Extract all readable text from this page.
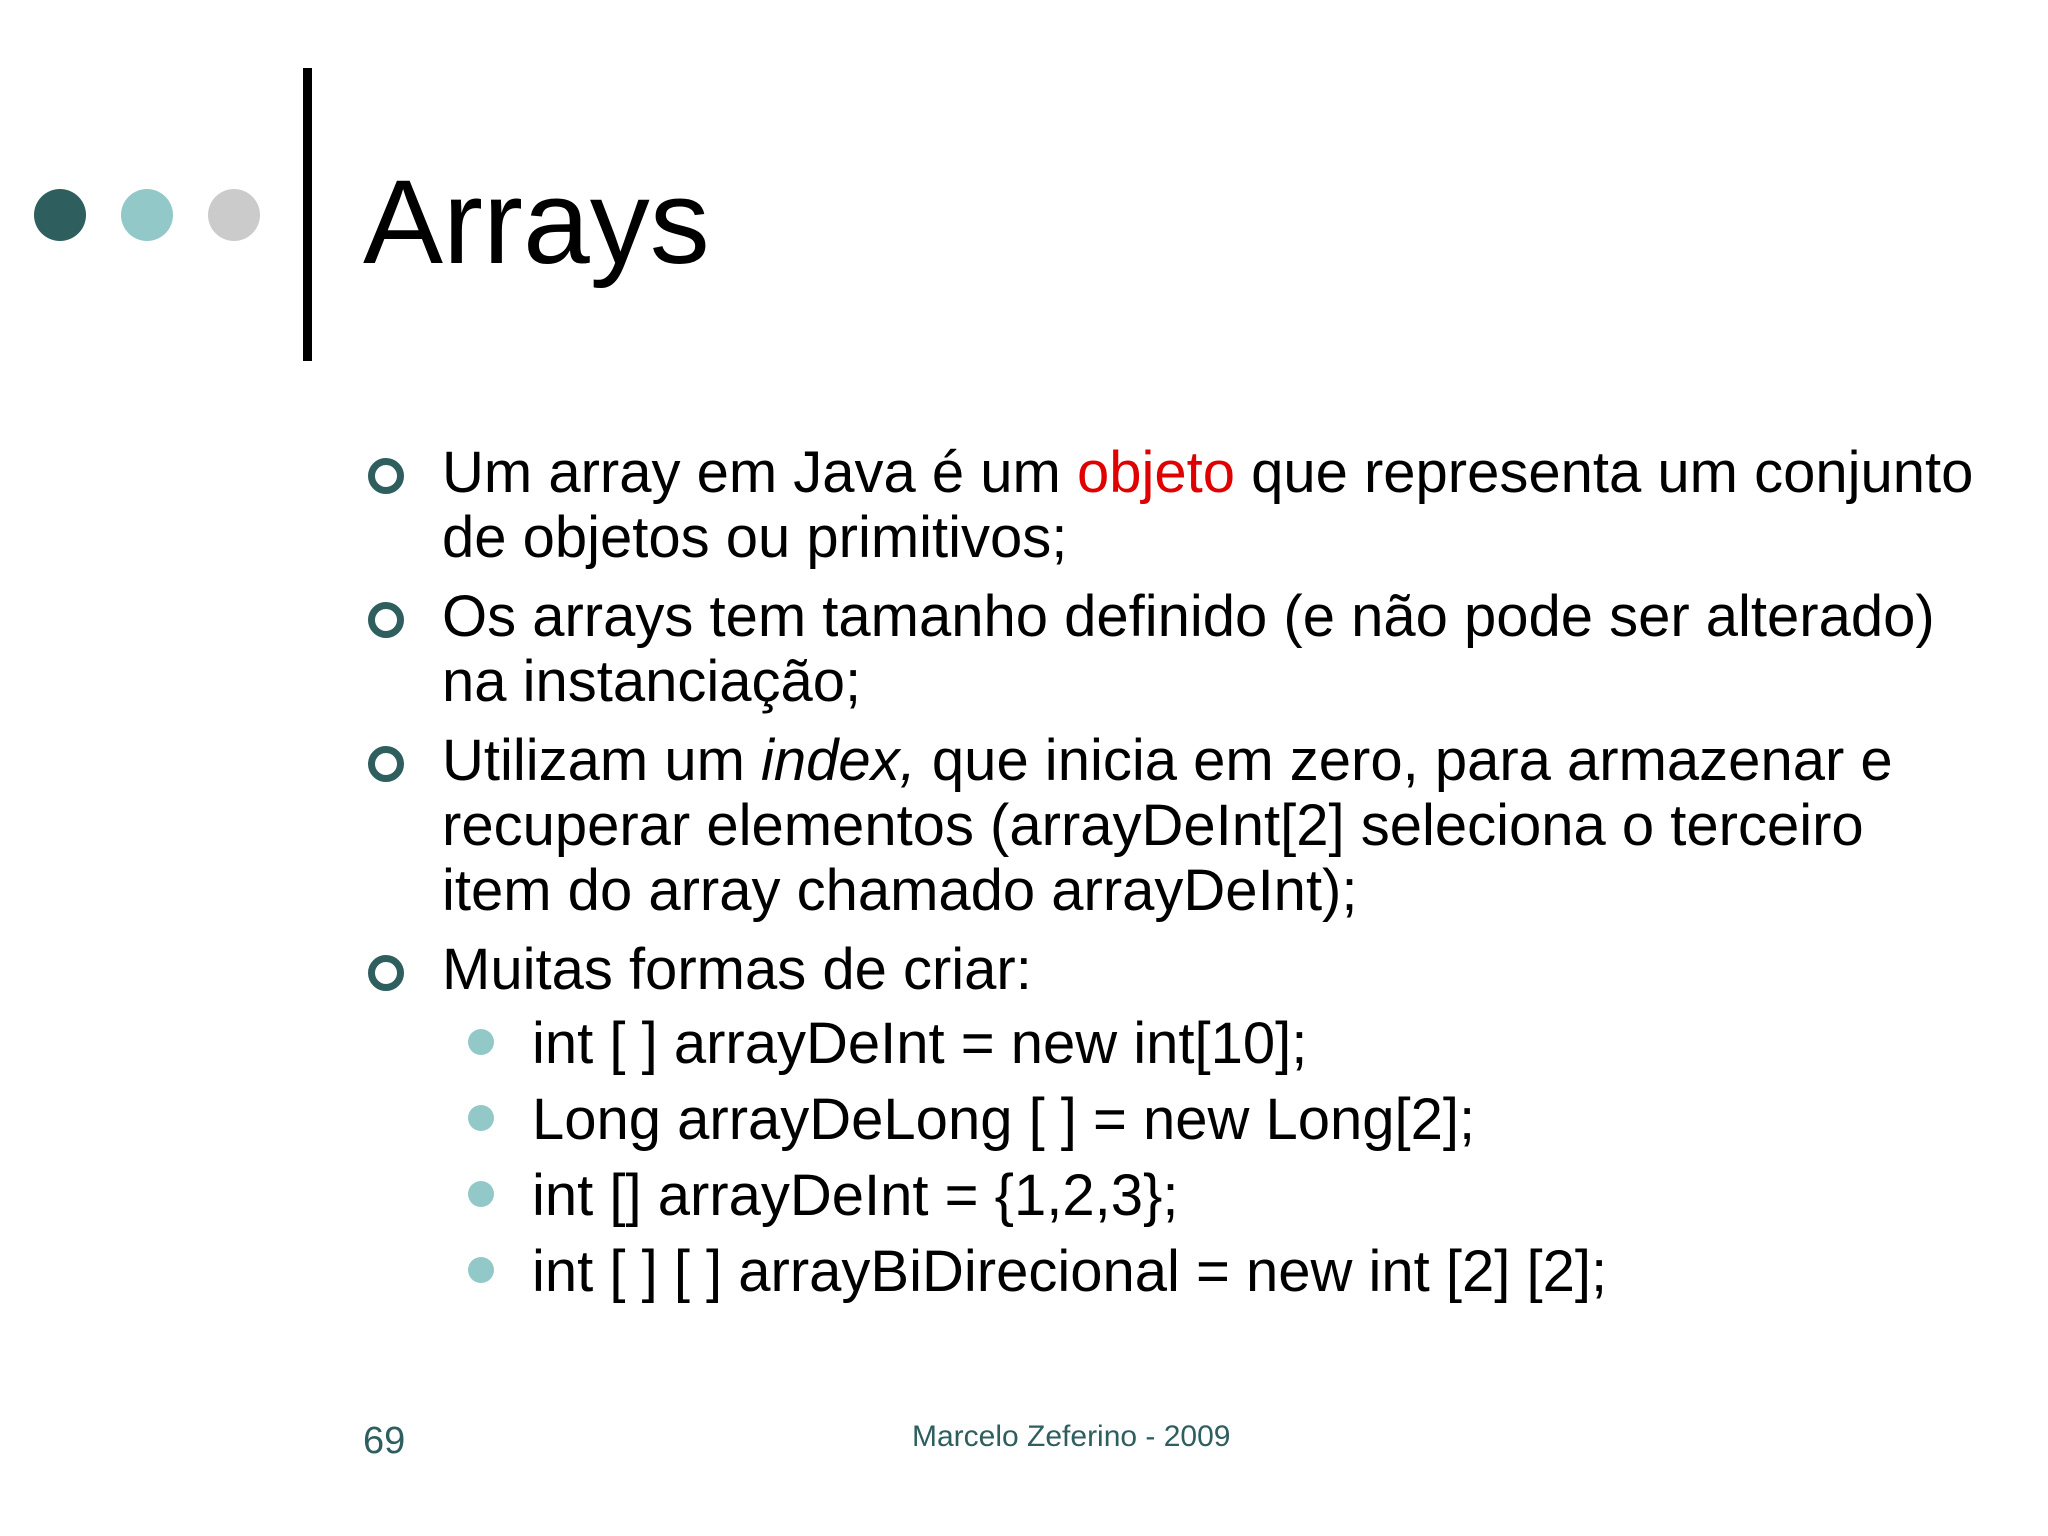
Arrays
Um array em Java é um objeto que representa um conjunto de objetos ou primitivos;
Os arrays tem tamanho definido (e não pode ser alterado) na instanciação;
Utilizam um index, que inicia em zero, para armazenar e recuperar elementos (arrayDeInt[2] seleciona o terceiro item do array chamado arrayDeInt);
Muitas formas de criar:
int [ ] arrayDeInt = new int[10];
Long arrayDeLong [ ] = new Long[2];
int [] arrayDeInt = {1,2,3};
int [ ] [ ] arrayBiDirecional = new int [2] [2];
69	Marcelo Zeferino - 2009
